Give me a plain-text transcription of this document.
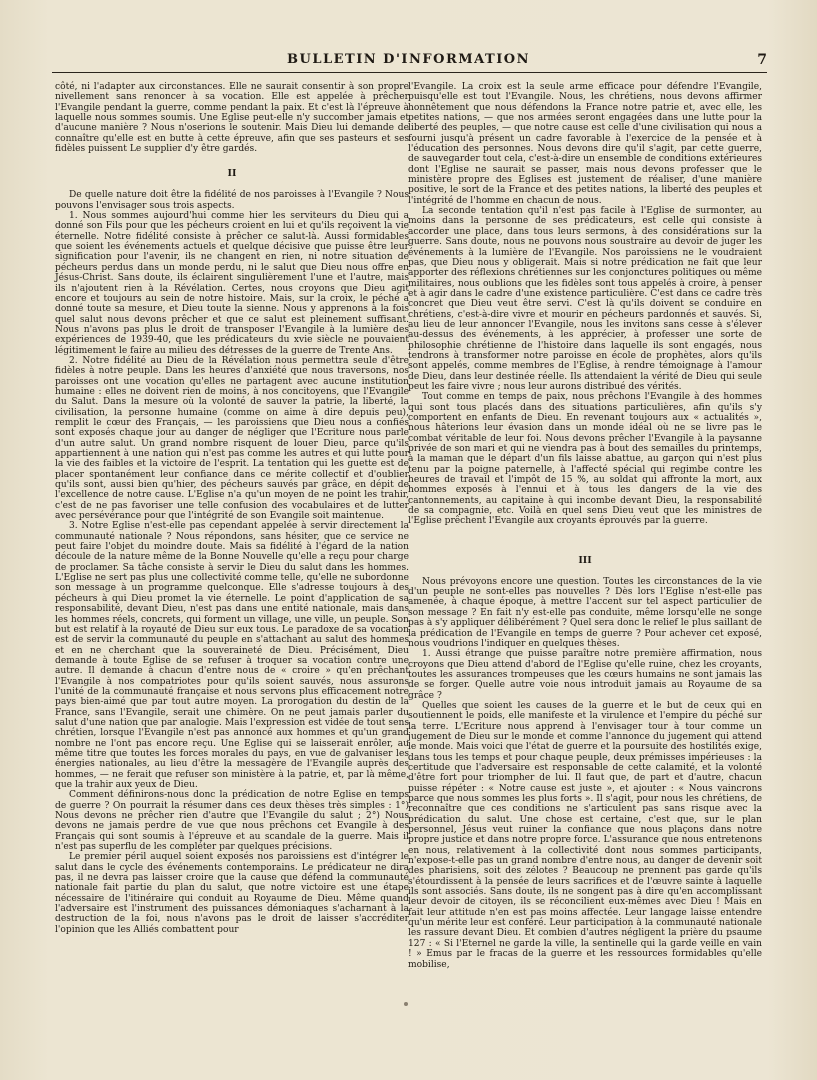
BULLETIN D'INFORMATION	7

côté, ni l'adapter aux circonstances. Elle ne saurait consentir à son propre nivellement sans renoncer à sa vocation. Elle est appelée à prêcher l'Evangile pendant la guerre, comme pendant la paix. Et c'est là l'épreuve à laquelle nous sommes soumis. Une Eglise peut-elle n'y succomber jamais et d'aucune manière ? Nous n'oserions le soutenir. Mais Dieu lui demande de connaître qu'elle est en butte à cette épreuve, afin que ses pasteurs et ses fidèles puissent Le supplier d'y être gardés.

II

De quelle nature doit être la fidélité de nos paroisses à l'Evangile ? Nous pouvons l'envisager sous trois aspects.

1. Nous sommes aujourd'hui comme hier les serviteurs du Dieu qui a donné son Fils pour que les pécheurs croient en lui et qu'ils reçoivent la vie éternelle. Notre fidélité consiste à prêcher ce salut-là. Aussi formidables que soient les événements actuels et quelque décisive que puisse être leur signification pour l'avenir, ils ne changent en rien, ni notre situation de pécheurs perdus dans un monde perdu, ni le salut que Dieu nous offre en Jésus-Christ. Sans doute, ils éclairent singulièrement l'une et l'autre, mais ils n'ajoutent rien à la Révélation. Certes, nous croyons que Dieu agit encore et toujours au sein de notre histoire. Mais, sur la croix, le péché a donné toute sa mesure, et Dieu toute la sienne. Nous y apprenons à la fois quel salut nous devons prêcher et que ce salut est pleinement suffisant. Nous n'avons pas plus le droit de transposer l'Evangile à la lumière des expériences de 1939-40, que les prédicateurs du xvie siècle ne pouvaient légitimement le faire au milieu des détresses de la guerre de Trente Ans.

2. Notre fidélité au Dieu de la Révélation nous permettra seule d'être fidèles à notre peuple. Dans les heures d'anxiété que nous traversons, nos paroisses ont une vocation qu'elles ne partagent avec aucune institution humaine : elles ne doivent rien de moins, à nos concitoyens, que l'Evangile du Salut. Dans la mesure où la volonté de sauver la patrie, la liberté, la civilisation, la personne humaine (comme on aime à dire depuis peu), remplit le cœur des Français, — les paroissiens que Dieu nous a confiés sont exposés chaque jour au danger de négliger que l'Ecriture nous parle d'un autre salut. Un grand nombre risquent de louer Dieu, parce qu'ils appartiennent à une nation qui n'est pas comme les autres et qui lutte pour la vie des faibles et la victoire de l'esprit. La tentation qui les guette est de placer spontanément leur confiance dans ce mérite collectif et d'oublier qu'ils sont, aussi bien qu'hier, des pécheurs sauvés par grâce, en dépit de l'excellence de notre cause. L'Eglise n'a qu'un moyen de ne point les trahir, c'est de ne pas favoriser une telle confusion des vocabulaires et de lutter avec persévérance pour que l'intégrité de son Evangile soit maintenue.

3. Notre Eglise n'est-elle pas cependant appelée à servir directement la communauté nationale ? Nous répondons, sans hésiter, que ce service ne peut faire l'objet du moindre doute. Mais sa fidélité à l'égard de la nation découle de la nature même de la Bonne Nouvelle qu'elle a reçu pour charge de proclamer. Sa tâche consiste à servir le Dieu du salut dans les hommes. L'Eglise ne sert pas plus une collectivité comme telle, qu'elle ne subordonne son message à un programme quelconque. Elle s'adresse toujours à des pécheurs à qui Dieu promet la vie éternelle. Le point d'application de sa responsabilité, devant Dieu, n'est pas dans une entité nationale, mais dans les hommes réels, concrets, qui forment un village, une ville, un peuple. Son but est relatif à la royauté de Dieu sur eux tous. Le paradoxe de sa vocation est de servir la communauté du peuple en s'attachant au salut des hommes et en ne cherchant que la souveraineté de Dieu. Précisément, Dieu demande à toute Eglise de se refuser à troquer sa vocation contre une autre. Il demande à chacun d'entre nous de « croire » qu'en prêchant l'Evangile à nos compatriotes pour qu'ils soient sauvés, nous assurons l'unité de la communauté française et nous servons plus efficacement notre pays bien-aimé que par tout autre moyen. La prorogation du destin de la France, sans l'Evangile, serait une chimère. On ne peut jamais parler du salut d'une nation que par analogie. Mais l'expression est vidée de tout sens chrétien, lorsque l'Evangile n'est pas annoncé aux hommes et qu'un grand nombre ne l'ont pas encore reçu. Une Eglise qui se laisserait enrôler, au même titre que toutes les forces morales du pays, en vue de galvaniser les énergies nationales, au lieu d'être la messagère de l'Evangile auprès des hommes, — ne ferait que refuser son ministère à la patrie, et, par là même, que la trahir aux yeux de Dieu.

Comment définirons-nous donc la prédication de notre Eglise en temps de guerre ? On pourrait la résumer dans ces deux thèses très simples : 1°) Nous devons ne prêcher rien d'autre que l'Evangile du salut ; 2°) Nous devons ne jamais perdre de vue que nous prêchons cet Evangile à des Français qui sont soumis à l'épreuve et au scandale de la guerre. Mais il n'est pas superflu de les compléter par quelques précisions.

Le premier péril auquel soient exposés nos paroissiens est d'intégrer le salut dans le cycle des événements contemporains. Le prédicateur ne dira pas, il ne devra pas laisser croire que la cause que défend la communauté nationale fait partie du plan du salut, que notre victoire est une étape nécessaire de l'itinéraire qui conduit au Royaume de Dieu. Même quand l'adversaire est l'instrument des puissances démoniaques s'acharnant à la destruction de la foi, nous n'avons pas le droit de laisser s'accréditer l'opinion que les Alliés combattent pour

l'Evangile. La croix est la seule arme efficace pour défendre l'Evangile, puisqu'elle est tout l'Evangile. Nous, les chrétiens, nous devons affirmer honnêtement que nous défendons la France notre patrie et, avec elle, les petites nations, — que nos armées seront engagées dans une lutte pour la liberté des peuples, — que notre cause est celle d'une civilisation qui nous a fourni jusqu'à présent un cadre favorable à l'exercice de la pensée et à l'éducation des personnes. Nous devons dire qu'il s'agit, par cette guerre, de sauvegarder tout cela, c'est-à-dire un ensemble de conditions extérieures dont l'Eglise ne saurait se passer, mais nous devons professer que le ministère propre des Eglises est justement de réaliser, d'une manière positive, le sort de la France et des petites nations, la liberté des peuples et l'intégrité de l'homme en chacun de nous.

La seconde tentation qu'il n'est pas facile à l'Eglise de surmonter, au moins dans la personne de ses prédicateurs, est celle qui consiste à accorder une place, dans tous leurs sermons, à des considérations sur la guerre. Sans doute, nous ne pouvons nous soustraire au devoir de juger les événements à la lumière de l'Evangile. Nos paroissiens ne le voudraient pas, que Dieu nous y obligerait. Mais si notre prédication ne fait que leur apporter des réflexions chrétiennes sur les conjonctures politiques ou même militaires, nous oublions que les fidèles sont tous appelés à croire, à penser et à agir dans le cadre d'une existence particulière. C'est dans ce cadre très concret que Dieu veut être servi. C'est là qu'ils doivent se conduire en chrétiens, c'est-à-dire vivre et mourir en pécheurs pardonnés et sauvés. Si, au lieu de leur annoncer l'Evangile, nous les invitons sans cesse à s'élever au-dessus des événements, à les apprécier, à professer une sorte de philosophie chrétienne de l'histoire dans laquelle ils sont engagés, nous tendrons à transformer notre paroisse en école de prophètes, alors qu'ils sont appelés, comme membres de l'Eglise, à rendre témoignage à l'amour de Dieu, dans leur destinée réelle. Ils attendaient la vérité de Dieu qui seule peut les faire vivre ; nous leur aurons distribué des vérités.

Tout comme en temps de paix, nous prêchons l'Evangile à des hommes qui sont tous placés dans des situations particulières, afin qu'ils s'y comportent en enfants de Dieu. En revenant toujours aux « actualités », nous hâterions leur évasion dans un monde idéal où ne se livre pas le combat véritable de leur foi. Nous devons prêcher l'Evangile à la paysanne privée de son mari et qui ne viendra pas à bout des semailles du printemps, à la maman que le départ d'un fils laisse abattue, au garçon qui n'est plus tenu par la poigne paternelle, à l'affecté spécial qui regimbe contre les heures de travail et l'impôt de 15 %, au soldat qui affronte la mort, aux hommes exposés à l'ennui et à tous les dangers de la vie des cantonnements, au capitaine à qui incombe devant Dieu, la responsabilité de sa compagnie, etc. Voilà en quel sens Dieu veut que les ministres de l'Eglise prêchent l'Evangile aux croyants éprouvés par la guerre.

III

Nous prévoyons encore une question. Toutes les circonstances de la vie d'un peuple ne sont-elles pas nouvelles ? Dès lors l'Eglise n'est-elle pas amenée, à chaque époque, à mettre l'accent sur tel aspect particulier de son message ? En fait n'y est-elle pas conduite, même lorsqu'elle ne songe pas à s'y appliquer délibérément ? Quel sera donc le relief le plus saillant de la prédication de l'Evangile en temps de guerre ? Pour achever cet exposé, nous voudrions l'indiquer en quelques thèses.

1. Aussi étrange que puisse paraître notre première affirmation, nous croyons que Dieu attend d'abord de l'Eglise qu'elle ruine, chez les croyants, toutes les assurances trompeuses que les cœurs humains ne sont jamais las de se forger. Quelle autre voie nous introduit jamais au Royaume de sa grâce ?

Quelles que soient les causes de la guerre et le but de ceux qui en soutiennent le poids, elle manifeste et la virulence et l'empire du péché sur la terre. L'Ecriture nous apprend à l'envisager tour à tour comme un jugement de Dieu sur le monde et comme l'annonce du jugement qui attend le monde. Mais voici que l'état de guerre et la poursuite des hostilités exige, dans tous les temps et pour chaque peuple, deux prémisses impérieuses : la certitude que l'adversaire est responsable de cette calamité, et la volonté d'être fort pour triompher de lui. Il faut que, de part et d'autre, chacun puisse répéter : « Notre cause est juste », et ajouter : « Nous vaincrons parce que nous sommes les plus forts ». Il s'agit, pour nous les chrétiens, de reconnaître que ces conditions ne s'articulent pas sans risque avec la prédication du salut. Une chose est certaine, c'est que, sur le plan personnel, Jésus veut ruiner la confiance que nous plaçons dans notre propre justice et dans notre propre force. L'assurance que nous entretenons en nous, relativement à la collectivité dont nous sommes participants, n'expose-t-elle pas un grand nombre d'entre nous, au danger de devenir soit des pharisiens, soit des zélotes ? Beaucoup ne prennent pas garde qu'ils s'étourdissent à la pensée de leurs sacrifices et de l'œuvre sainte à laquelle ils sont associés. Sans doute, ils ne songent pas à dire qu'en accomplissant leur devoir de citoyen, ils se réconcilient eux-mêmes avec Dieu ! Mais en fait leur attitude n'en est pas moins affectée. Leur langage laisse entendre qu'un mérite leur est conféré. Leur participation à la communauté nationale les rassure devant Dieu. Et combien d'autres négligent la prière du psaume 127 : « Si l'Eternel ne garde la ville, la sentinelle qui la garde veille en vain ! » Emus par le fracas de la guerre et les ressources formidables qu'elle mobilise,
